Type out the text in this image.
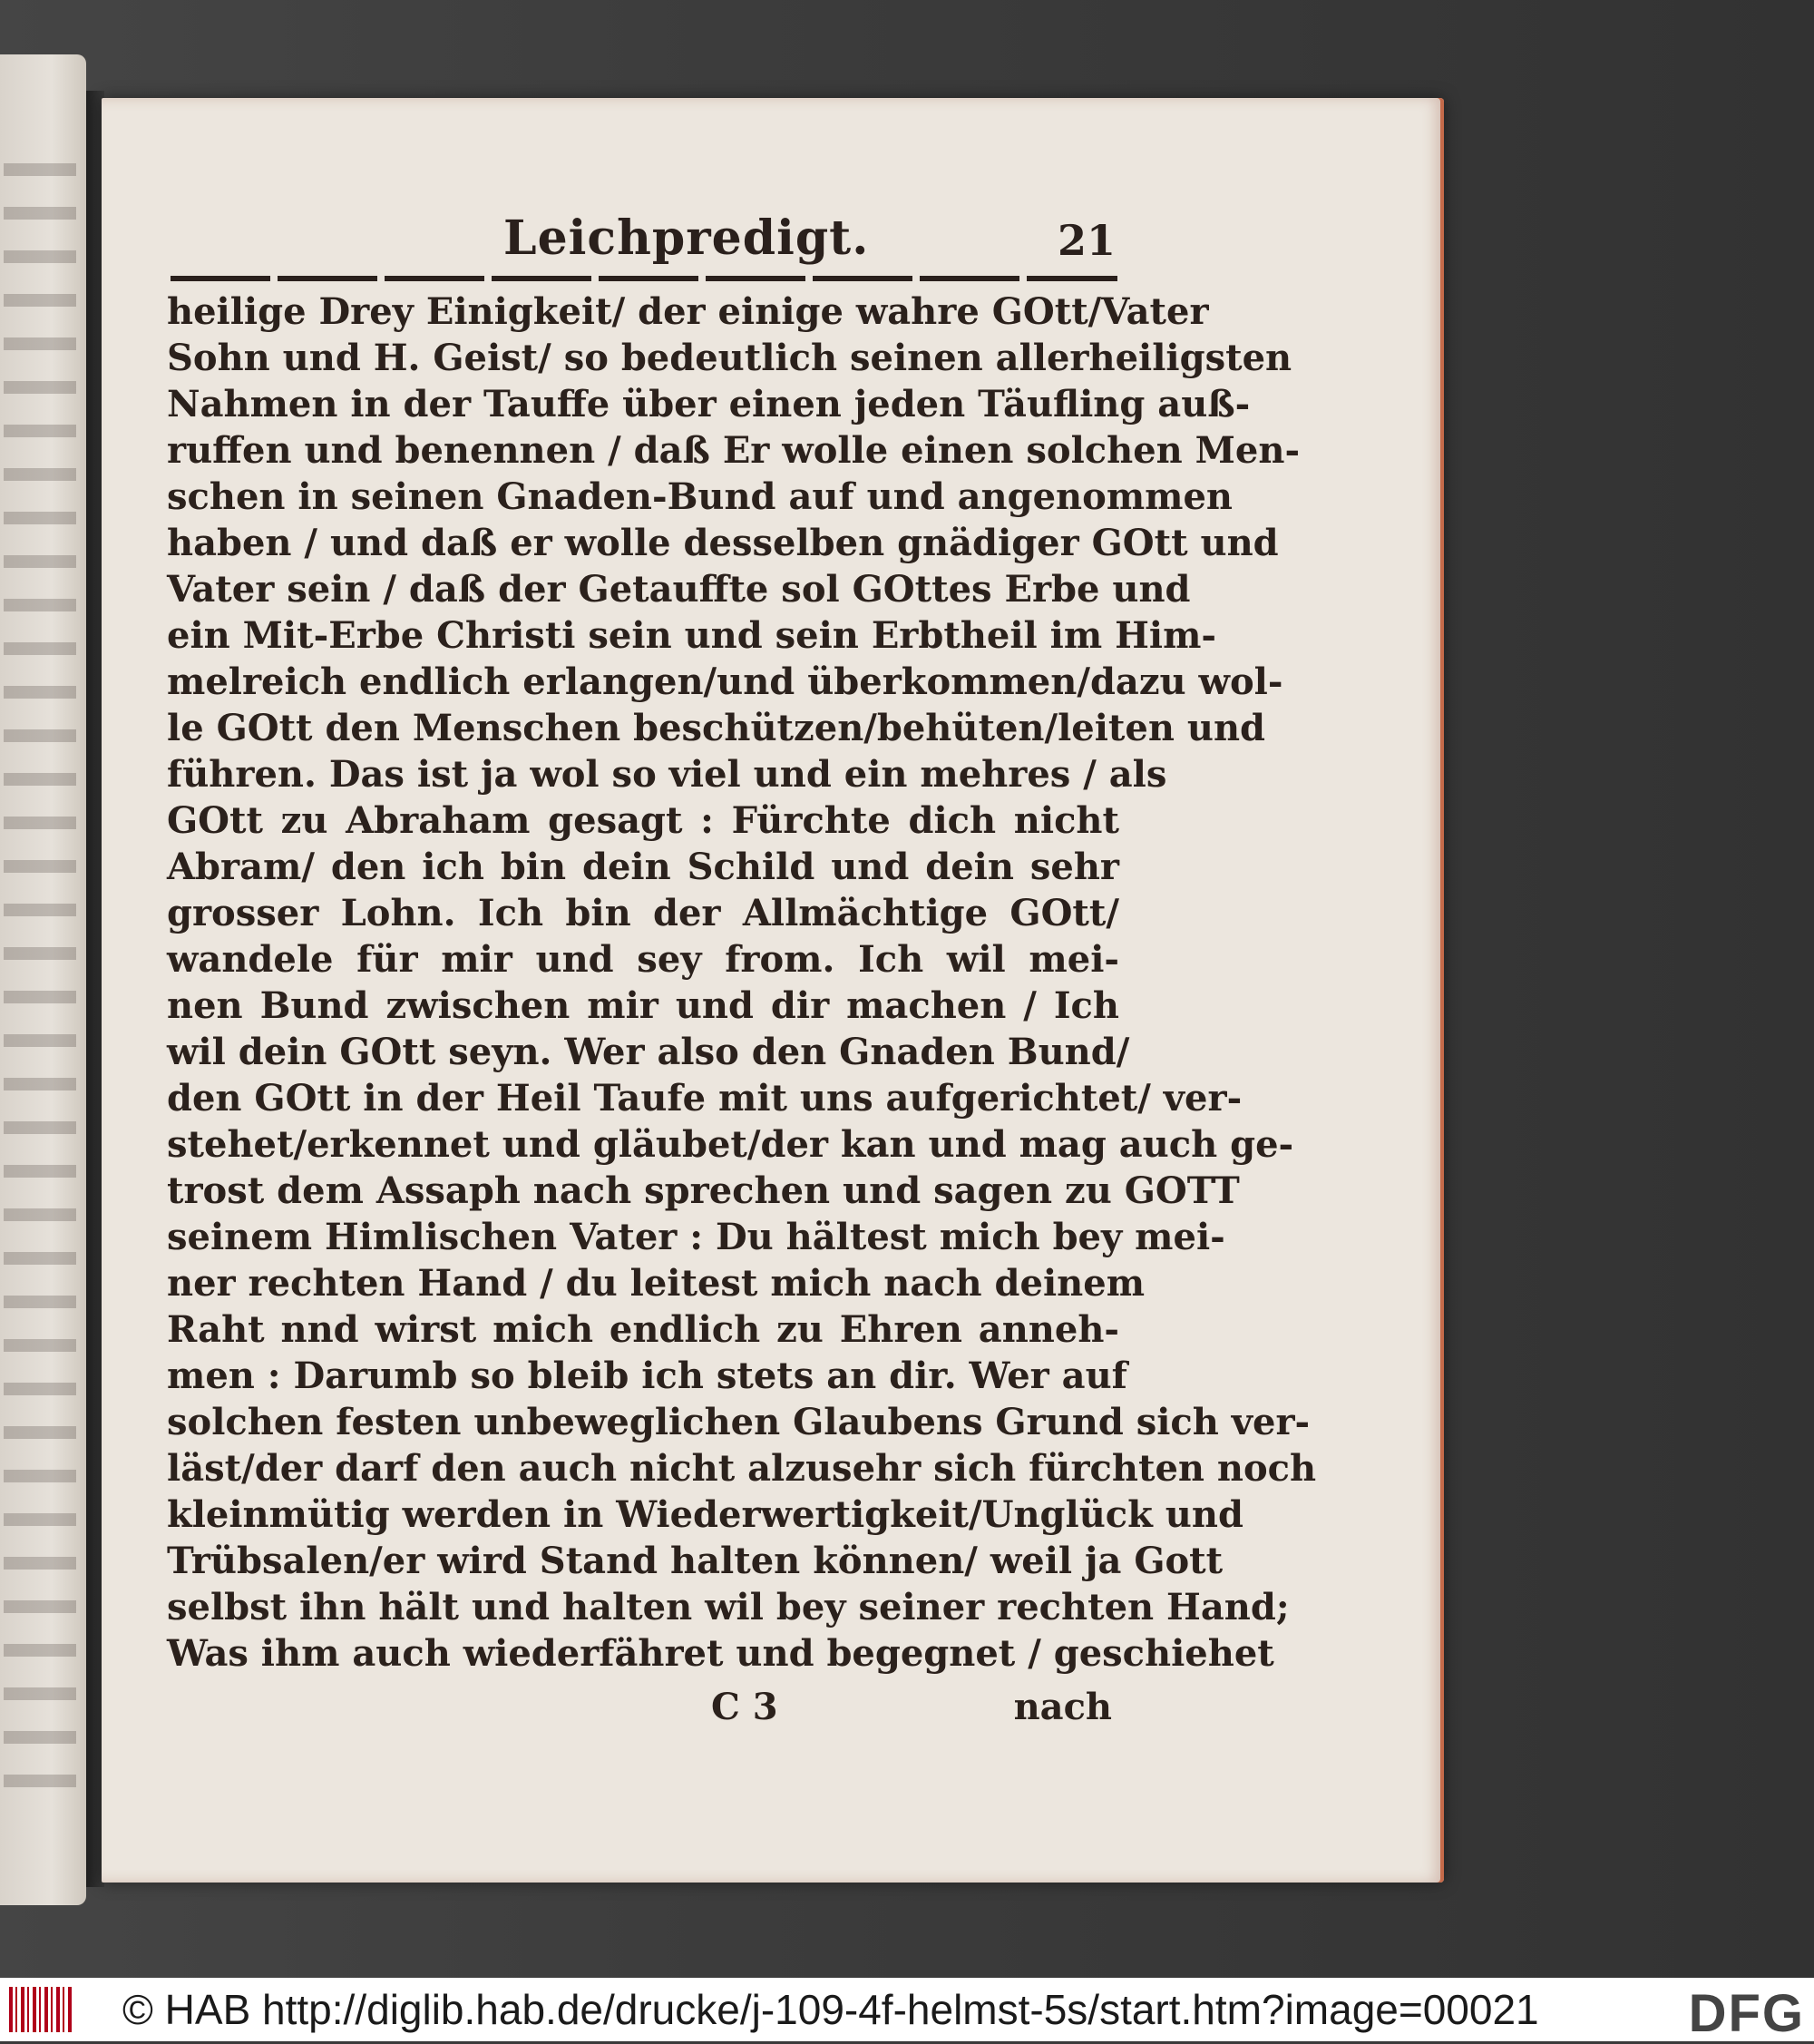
Leichpredigt.	21
heilige Drey Einigkeit/ der einige wahre GOtt/Vater
Sohn und H. Geist/ so bedeutlich seinen allerheiligsten
Nahmen in der Tauffe über einen jeden Täufling auß-
ruffen und benennen / daß Er wolle einen solchen Men-
schen in seinen Gnaden-Bund auf und angenommen
haben / und daß er wolle desselben gnädiger GOtt und
Vater sein / daß der Getauffte sol GOttes Erbe und
ein Mit-Erbe Christi sein und sein Erbtheil im Him-
melreich endlich erlangen/und überkommen/dazu wol-
le GOtt den Menschen beschützen/behüten/leiten und
führen. Das ist ja wol so viel und ein mehres / als
GOtt zu Abraham gesagt : Fürchte dich nicht
Abram/ den ich bin dein Schild und dein sehr
grosser Lohn. Ich bin der Allmächtige GOtt/
wandele für mir und sey from. Ich wil mei-
nen Bund zwischen mir und dir machen / Ich
wil dein GOtt seyn. Wer also den Gnaden Bund/
den GOtt in der Heil Taufe mit uns aufgerichtet/ ver-
stehet/erkennet und gläubet/der kan und mag auch ge-
trost dem Assaph nach sprechen und sagen zu GOTT
seinem Himlischen Vater : Du hältest mich bey mei-
ner rechten Hand / du leitest mich nach deinem
Raht nnd wirst mich endlich zu Ehren anneh-
men : Darumb so bleib ich stets an dir. Wer auf
solchen festen unbeweglichen Glaubens Grund sich ver-
läst/der darf den auch nicht alzusehr sich fürchten noch
kleinmütig werden in Wiederwertigkeit/Unglück und
Trübsalen/er wird Stand halten können/ weil ja Gott
selbst ihn hält und halten wil bey seiner rechten Hand;
Was ihm auch wiederfähret und begegnet / geschiehet
C 3	nach
© HAB http://diglib.hab.de/drucke/j-109-4f-helmst-5s/start.htm?image=00021	DFG
